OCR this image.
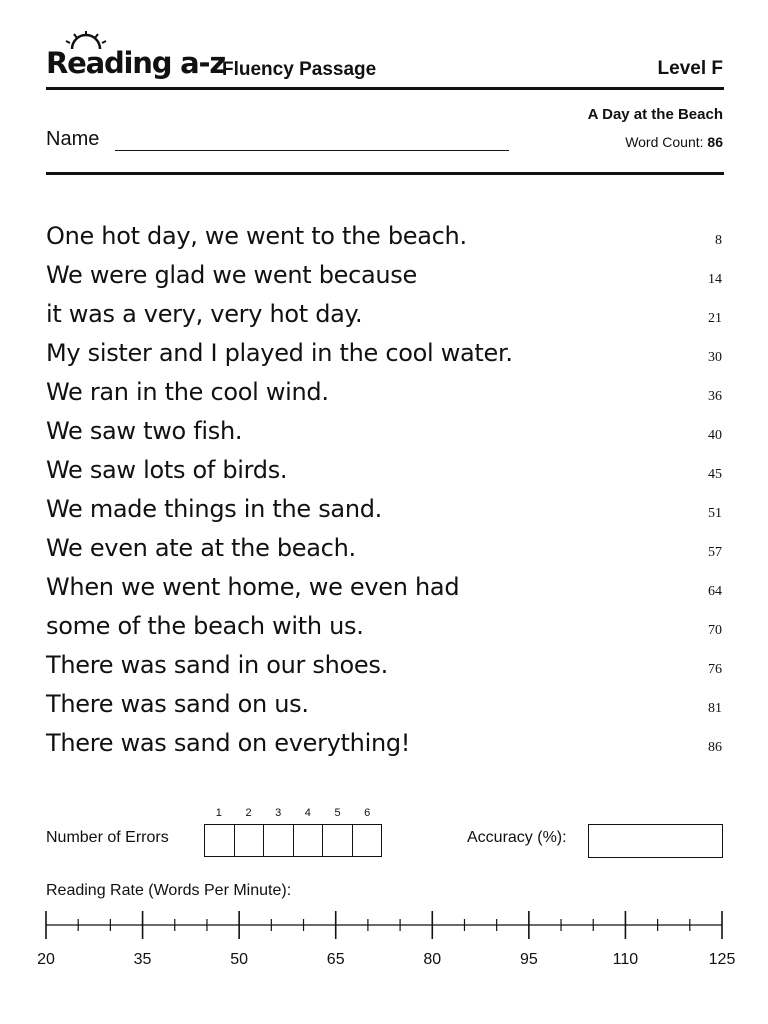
Reading a-z
Fluency Passage	Level F
A Day at the Beach
Word Count: 86
Name
One hot day, we went to the beach.	8
We were glad we went because	14
it was a very, very hot day.	21
My sister and I played in the cool water.	30
We ran in the cool wind.	36
We saw two fish.	40
We saw lots of birds.	45
We made things in the sand.	51
We even ate at the beach.	57
When we went home, we even had	64
some of the beach with us.	70
There was sand in our shoes.	76
There was sand on us.	81
There was sand on everything!	86
Number of Errors
1	2	3	4	5	6
Accuracy (%):
Reading Rate (Words Per Minute):
20	35	50	65	80	95	110	125
